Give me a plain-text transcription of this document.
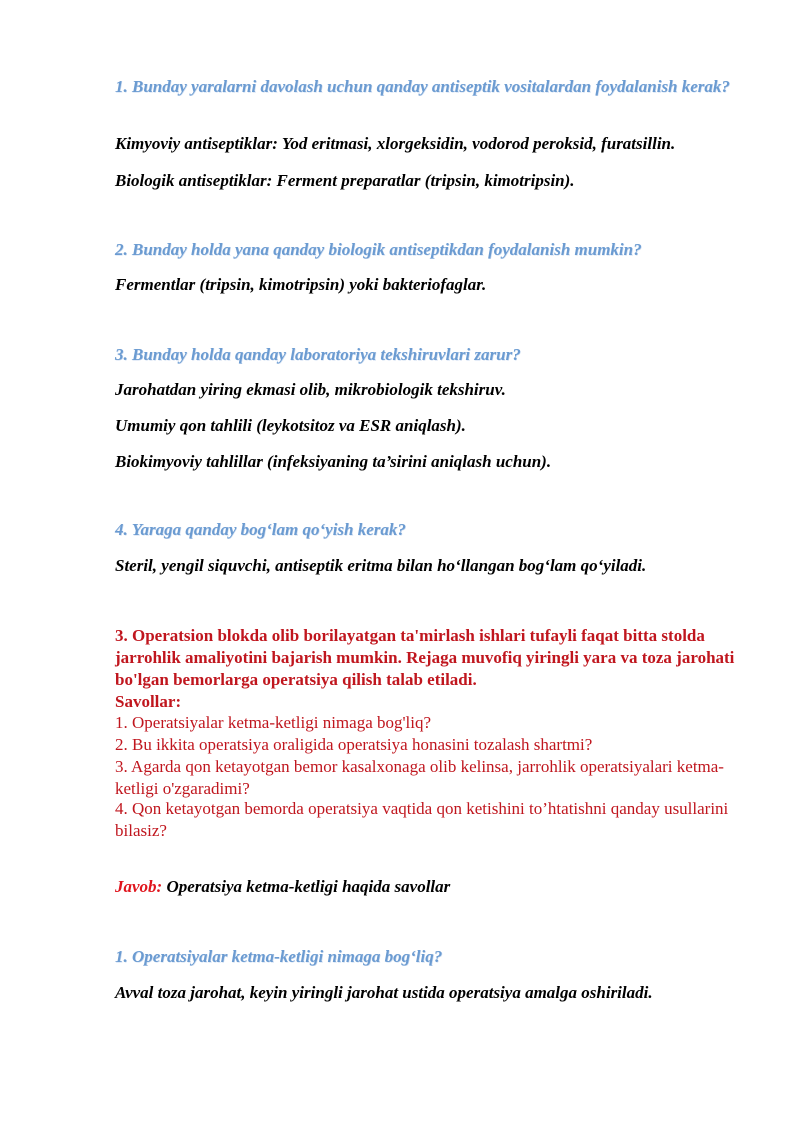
1. Bunday yaralarni davolash uchun qanday antiseptik vositalardan foydalanish kerak?

Kimyoviy antiseptiklar: Yod eritmasi, xlorgeksidin, vodorod peroksid, furatsillin.

Biologik antiseptiklar: Ferment preparatlar (tripsin, kimotripsin).

2. Bunday holda yana qanday biologik antiseptikdan foydalanish mumkin?

Fermentlar (tripsin, kimotripsin) yoki bakteriofaglar.

3. Bunday holda qanday laboratoriya tekshiruvlari zarur?

Jarohatdan yiring ekmasi olib, mikrobiologik tekshiruv.

Umumiy qon tahlili (leykotsitoz va ESR aniqlash).

Biokimyoviy tahlillar (infeksiyaning ta’sirini aniqlash uchun).

4. Yaraga qanday bog‘lam qo‘yish kerak?

Steril, yengil siquvchi, antiseptik eritma bilan ho‘llangan bog‘lam qo‘yiladi.

3. Operatsion blokda olib borilayatgan ta'mirlash ishlari tufayli faqat bitta stolda jarrohlik amaliyotini bajarish mumkin. Rejaga muvofiq yiringli yara va toza jarohati bo'lgan bemorlarga operatsiya qilish talab etiladi.

Savollar:

1. Operatsiyalar ketma-ketligi nimaga bog'liq?

2. Bu ikkita operatsiya oraligida operatsiya honasini tozalash shartmi?

3. Agarda qon ketayotgan bemor kasalxonaga olib kelinsa, jarrohlik operatsiyalari ketma-ketligi o'zgaradimi?

4. Qon ketayotgan bemorda operatsiya vaqtida qon ketishini to’htatishni qanday usullarini bilasiz?

Javob: Operatsiya ketma-ketligi haqida savollar

1. Operatsiyalar ketma-ketligi nimaga bog‘liq?

Avval toza jarohat, keyin yiringli jarohat ustida operatsiya amalga oshiriladi.
